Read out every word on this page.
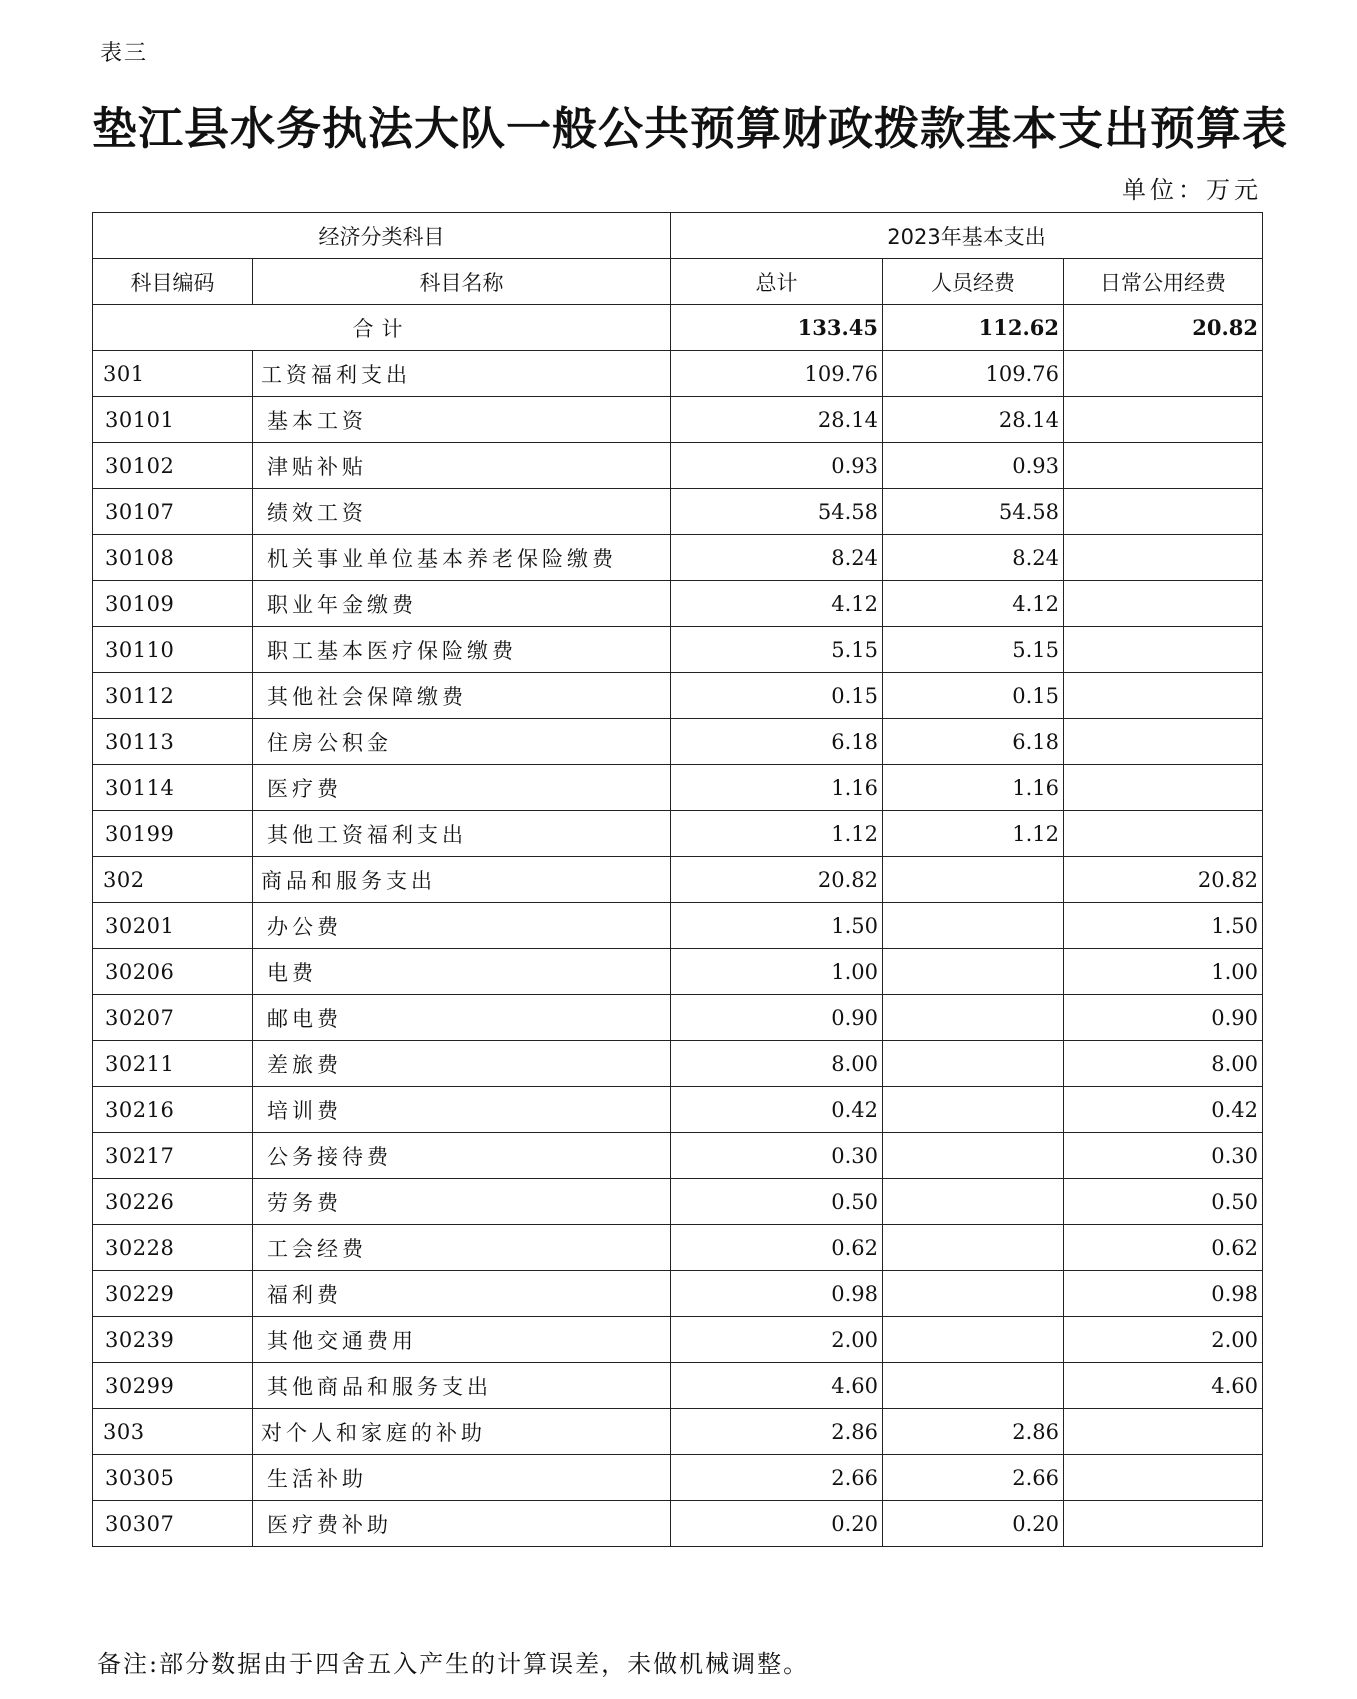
表三
垫江县水务执法大队一般公共预算财政拨款基本支出预算表
单位：万元
经济分类科目		2023年基本支出		
科目编码	科目名称	总计	人员经费	日常公用经费
合计		133.45	112.62	20.82
301	工资福利支出	109.76	109.76	
30101	基本工资	28.14	28.14	
30102	津贴补贴	0.93	0.93	
30107	绩效工资	54.58	54.58	
30108	机关事业单位基本养老保险缴费	8.24	8.24	
30109	职业年金缴费	4.12	4.12	
30110	职工基本医疗保险缴费	5.15	5.15	
30112	其他社会保障缴费	0.15	0.15	
30113	住房公积金	6.18	6.18	
30114	医疗费	1.16	1.16	
30199	其他工资福利支出	1.12	1.12	
302	商品和服务支出	20.82		20.82
30201	办公费	1.50		1.50
30206	电费	1.00		1.00
30207	邮电费	0.90		0.90
30211	差旅费	8.00		8.00
30216	培训费	0.42		0.42
30217	公务接待费	0.30		0.30
30226	劳务费	0.50		0.50
30228	工会经费	0.62		0.62
30229	福利费	0.98		0.98
30239	其他交通费用	2.00		2.00
30299	其他商品和服务支出	4.60		4.60
303	对个人和家庭的补助	2.86	2.86	
30305	生活补助	2.66	2.66	
30307	医疗费补助	0.20	0.20	
备注:部分数据由于四舍五入产生的计算误差，未做机械调整。
